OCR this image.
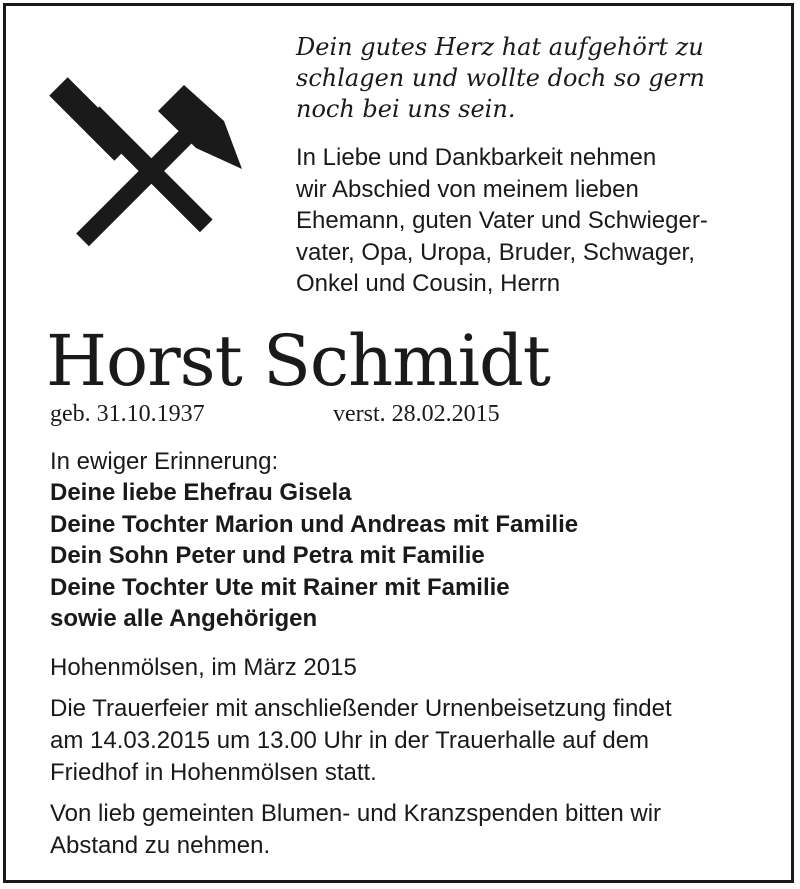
Dein gutes Herz hat aufgehört zu
schlagen und wollte doch so gern
noch bei uns sein.
In Liebe und Dankbarkeit nehmen
wir Abschied von meinem lieben
Ehemann, guten Vater und Schwieger-
vater, Opa, Uropa, Bruder, Schwager,
Onkel und Cousin, Herrn
Horst Schmidt
geb. 31.10.1937	verst. 28.02.2015
In ewiger Erinnerung:
Deine liebe Ehefrau Gisela
Deine Tochter Marion und Andreas mit Familie
Dein Sohn Peter und Petra mit Familie
Deine Tochter Ute mit Rainer mit Familie
sowie alle Angehörigen
Hohenmölsen, im März 2015
Die Trauerfeier mit anschließender Urnenbeisetzung findet
am 14.03.2015 um 13.00 Uhr in der Trauerhalle auf dem
Friedhof in Hohenmölsen statt.
Von lieb gemeinten Blumen- und Kranzspenden bitten wir
Abstand zu nehmen.
